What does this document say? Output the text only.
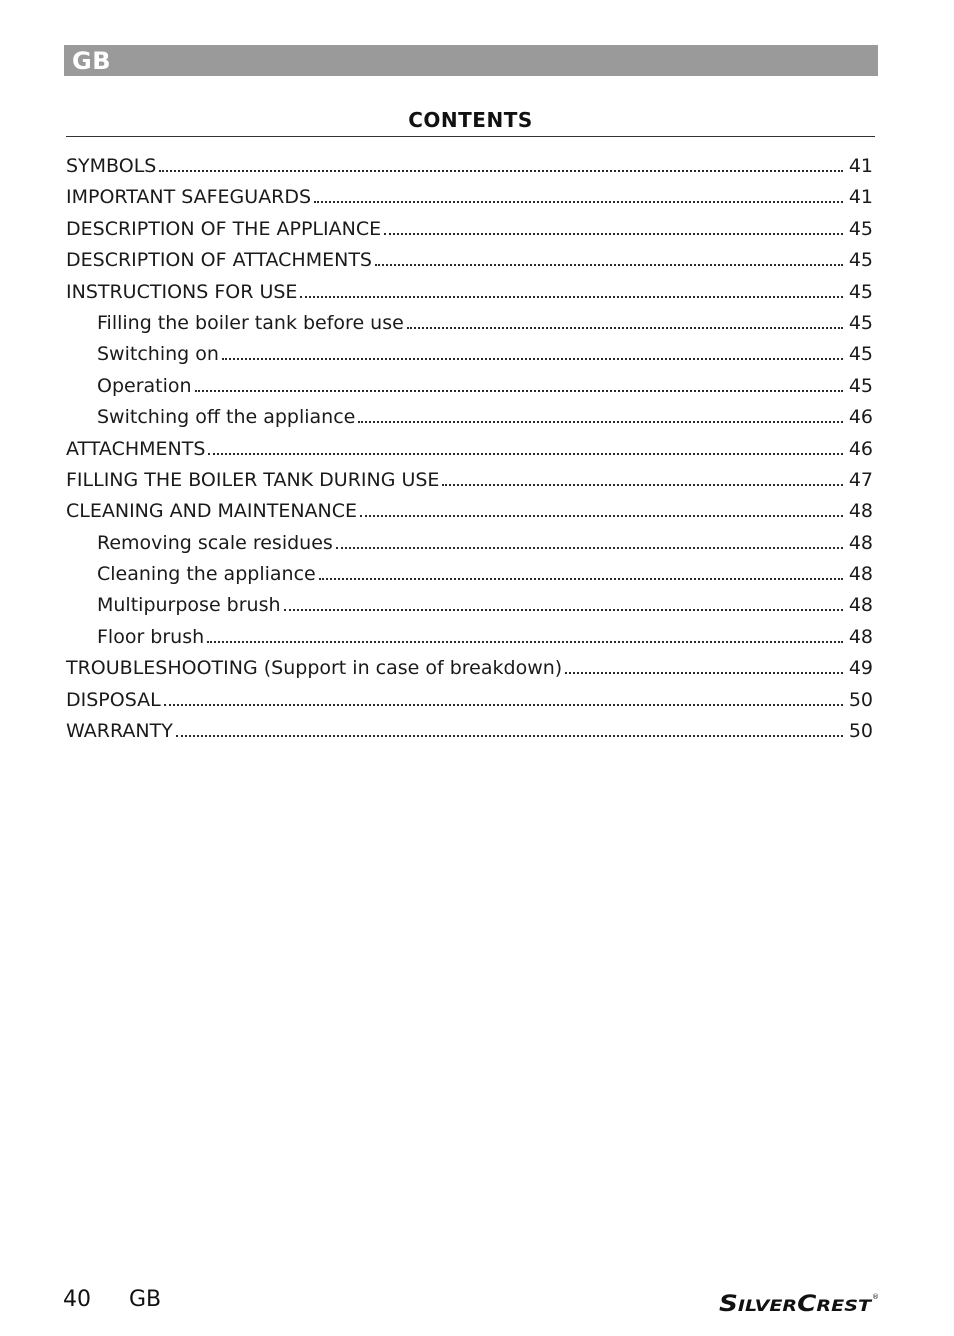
GB
CONTENTS
SYMBOLS	41
IMPORTANT SAFEGUARDS	41
DESCRIPTION OF THE APPLIANCE	45
DESCRIPTION OF ATTACHMENTS	45
INSTRUCTIONS FOR USE	45
Filling the boiler tank before use	45
Switching on	45
Operation	45
Switching off the appliance	46
ATTACHMENTS	46
FILLING THE BOILER TANK DURING USE	47
CLEANING AND MAINTENANCE	48
Removing scale residues	48
Cleaning the appliance	48
Multipurpose brush	48
Floor brush	48
TROUBLESHOOTING (Support in case of breakdown)	49
DISPOSAL	50
WARRANTY	50
40 GB	S ILVER C REST	®
